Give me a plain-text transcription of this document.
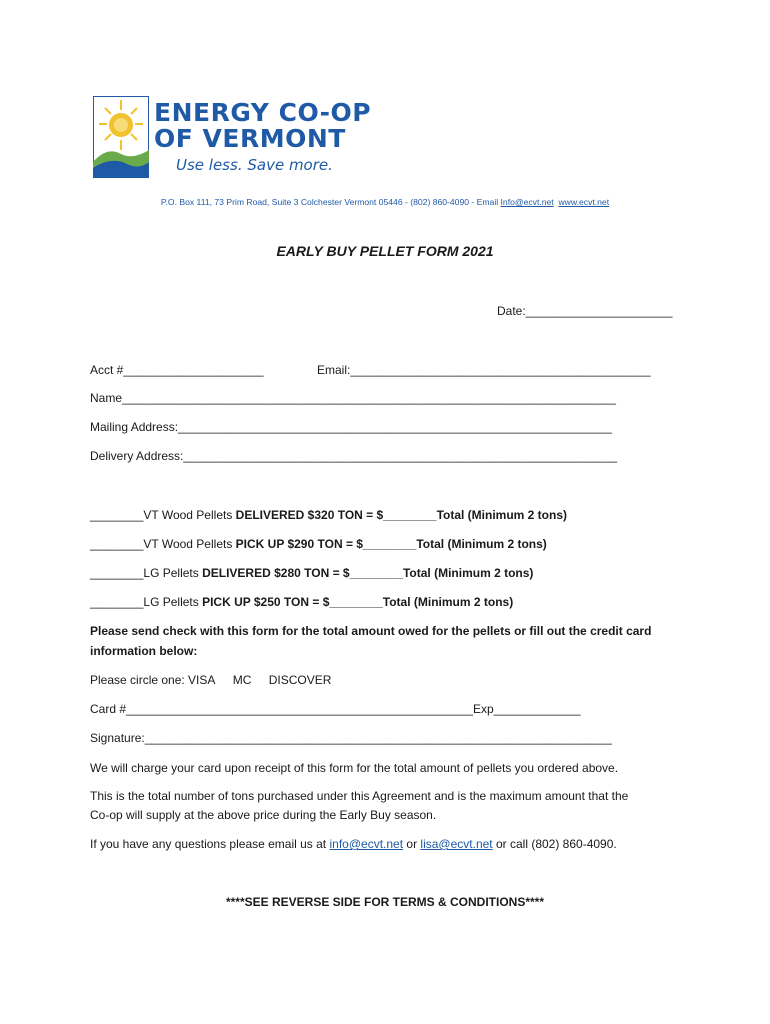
ENERGY CO-OP
OF VERMONT
Use less. Save more.
P.O. Box 111, 73 Prim Road, Suite 3 Colchester Vermont 05446 - (802) 860-4090 - Email Info@ecvt.net www.ecvt.net
EARLY BUY PELLET FORM 2021
Date:______________________
Acct #_____________________	Email:_____________________________________________
Name__________________________________________________________________________
Mailing Address:_________________________________________________________________
Delivery Address:_________________________________________________________________
________VT Wood Pellets DELIVERED $320 TON = $________Total (Minimum 2 tons)
________VT Wood Pellets PICK UP $290 TON = $________Total (Minimum 2 tons)
________LG Pellets DELIVERED $280 TON = $________Total (Minimum 2 tons)
________LG Pellets PICK UP $250 TON = $________Total (Minimum 2 tons)
Please send check with this form for the total amount owed for the pellets or fill out the credit card
information below:
Please circle one: VISA MC DISCOVER
Card #____________________________________________________Exp_____________
Signature:______________________________________________________________________
We will charge your card upon receipt of this form for the total amount of pellets you ordered above.
This is the total number of tons purchased under this Agreement and is the maximum amount that the
Co-op will supply at the above price during the Early Buy season.
If you have any questions please email us at info@ecvt.net or lisa@ecvt.net or call (802) 860-4090.
****SEE REVERSE SIDE FOR TERMS & CONDITIONS****
